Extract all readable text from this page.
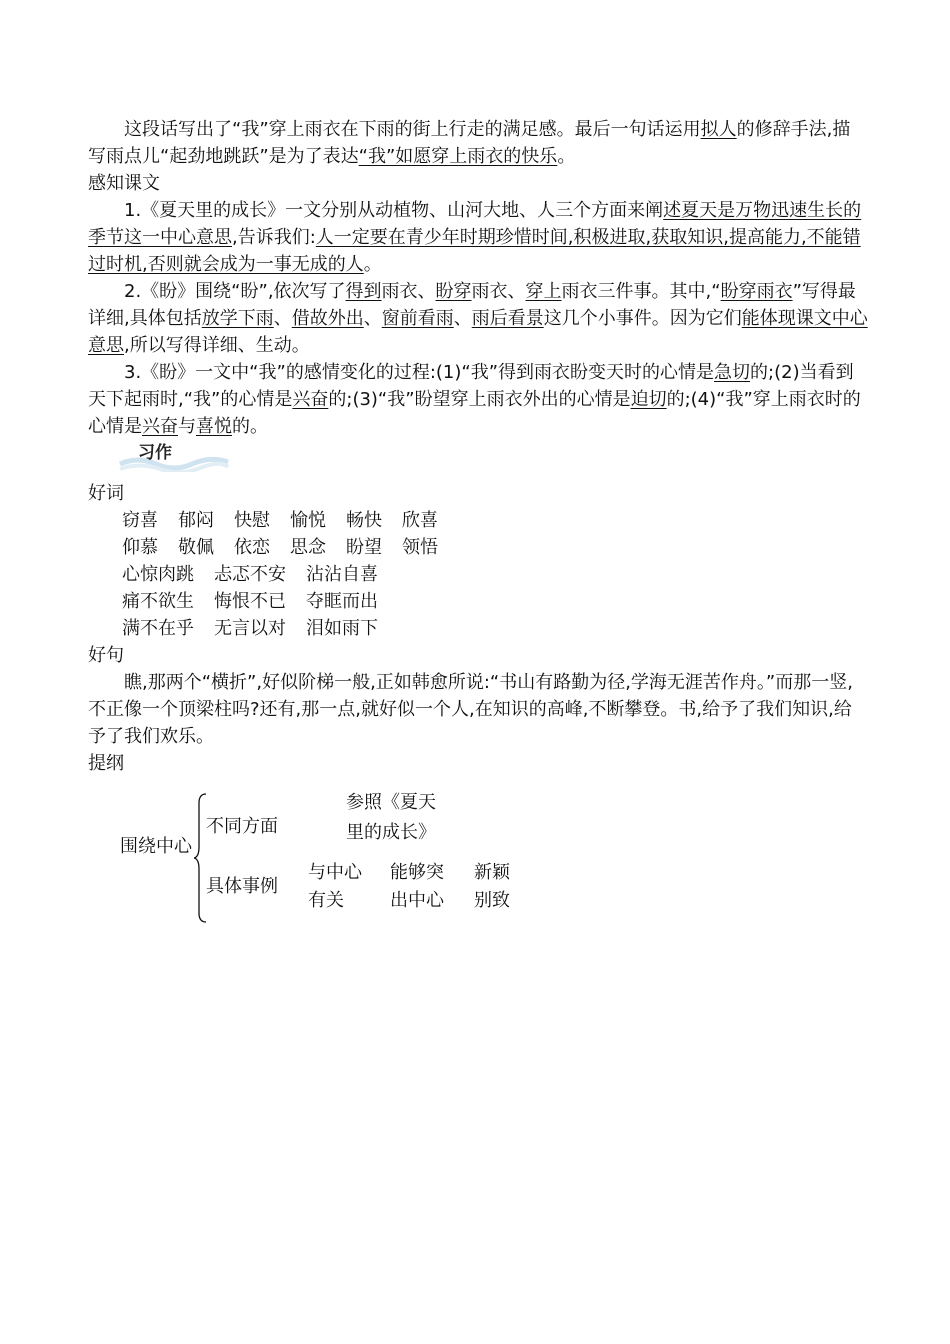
这段话写出了“我”穿上雨衣在下雨的街上行走的满足感。最后一句话运用拟人的修辞手法,描写雨点儿“起劲地跳跃”是为了表达“我”如愿穿上雨衣的快乐。

感知课文

1.《夏天里的成长》一文分别从动植物、山河大地、人三个方面来阐述夏天是万物迅速生长的季节这一中心意思,告诉我们:人一定要在青少年时期珍惜时间,积极进取,获取知识,提高能力,不能错过时机,否则就会成为一事无成的人。

2.《盼》围绕“盼”,依次写了得到雨衣、盼穿雨衣、穿上雨衣三件事。其中,“盼穿雨衣”写得最详细,具体包括放学下雨、借故外出、窗前看雨、雨后看景这几个小事件。因为它们能体现课文中心意思,所以写得详细、生动。

3.《盼》一文中“我”的感情变化的过程:(1)“我”得到雨衣盼变天时的心情是急切的;(2)当看到天下起雨时,“我”的心情是兴奋的;(3)“我”盼望穿上雨衣外出的心情是迫切的;(4)“我”穿上雨衣时的心情是兴奋与喜悦的。

习作

好词

窃喜 郁闷 快慰 愉悦 畅快 欣喜
仰慕 敬佩 依恋 思念 盼望 领悟
心惊肉跳 忐忑不安 沾沾自喜
痛不欲生 悔恨不已 夺眶而出
满不在乎 无言以对 泪如雨下

好句

瞧,那两个“横折”,好似阶梯一般,正如韩愈所说:“书山有路勤为径,学海无涯苦作舟。”而那一竖,不正像一个顶梁柱吗?还有,那一点,就好似一个人,在知识的高峰,不断攀登。书,给予了我们知识,给予了我们欢乐。

提纲

围绕中心
不同方面
参照《夏天
里的成长》
具体事例
与中心
有关
能够突
出中心
新颖
别致
